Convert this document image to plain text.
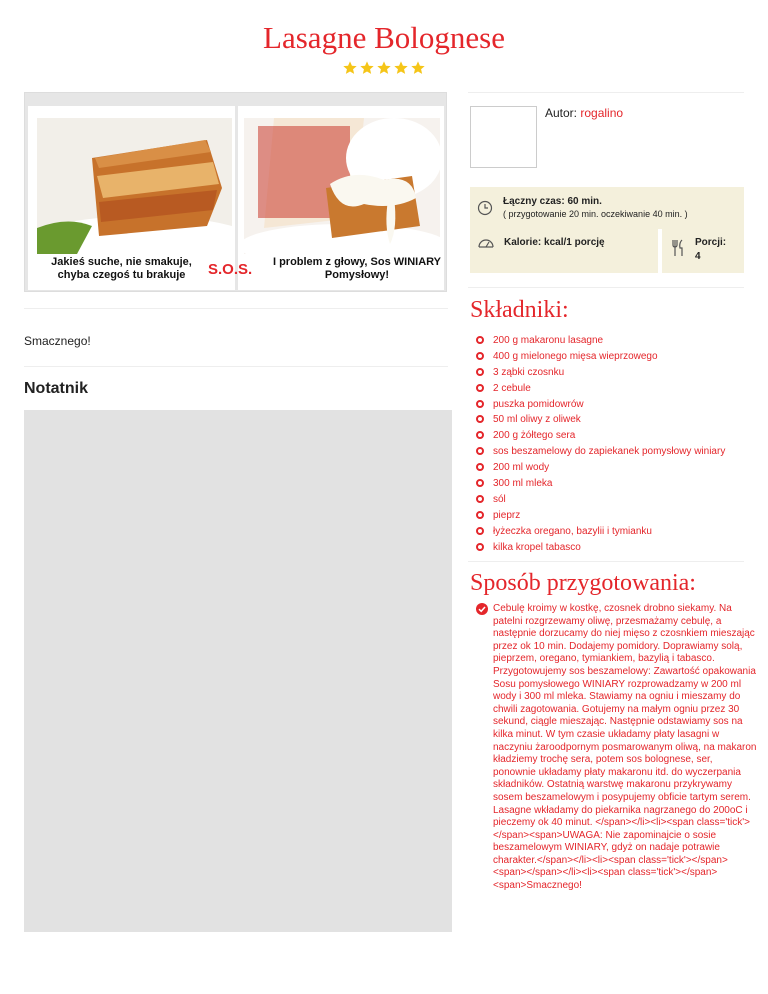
Lasagne Bolognese
Jakieś suche, nie smakuje, chyba czegoś tu brakuje	S.O.S. I problem z głowy, Sos WINIARY Pomysłowy!
Smacznego!
Notatnik
Autor: rogalino
Łączny czas: 60 min.
( przygotowanie 20 min. oczekiwanie 40 min. )
Kalorie: kcal/1 porcję	Porcji:
4
Składniki:
200 g makaronu lasagne
400 g mielonego mięsa wieprzowego
3 ząbki czosnku
2 cebule
puszka pomidowrów
50 ml oliwy z oliwek
200 g żółtego sera
sos beszamelowy do zapiekanek pomysłowy winiary
200 ml wody
300 ml mleka
sól
pieprz
łyżeczka oregano, bazylii i tymianku
kilka kropel tabasco
Sposób przygotowania:
Cebulę kroimy w kostkę, czosnek drobno siekamy. Na patelni rozgrzewamy oliwę, przesmażamy cebulę, a następnie dorzucamy do niej mięso z czosnkiem mieszając przez ok 10 min. Dodajemy pomidory. Doprawiamy solą, pieprzem, oregano, tymiankiem, bazylią i tabasco. Przygotowujemy sos beszamelowy: Zawartość opakowania Sosu pomysłowego WINIARY rozprowadzamy w 200 ml wody i 300 ml mleka. Stawiamy na ogniu i mieszamy do chwili zagotowania. Gotujemy na małym ogniu przez 30 sekund, ciągle mieszając. Następnie odstawiamy sos na kilka minut. W tym czasie układamy płaty lasagni w naczyniu żaroodpornym posmarowanym oliwą, na makaron kładziemy trochę sera, potem sos bolognese, ser, ponownie układamy płaty makaronu itd. do wyczerpania składników. Ostatnią warstwę makaronu przykrywamy sosem beszamelowym i posypujemy obficie tartym serem. Lasagne wkładamy do piekarnika nagrzanego do 200oC i pieczemy ok 40 minut. </span></li><li><span class='tick'></span><span>UWAGA: Nie zapominajcie o sosie beszamelowym WINIARY, gdyż on nadaje potrawie charakter.</span></li><li><span class='tick'></span><span></span></li><li><span class='tick'></span><span>Smacznego!
